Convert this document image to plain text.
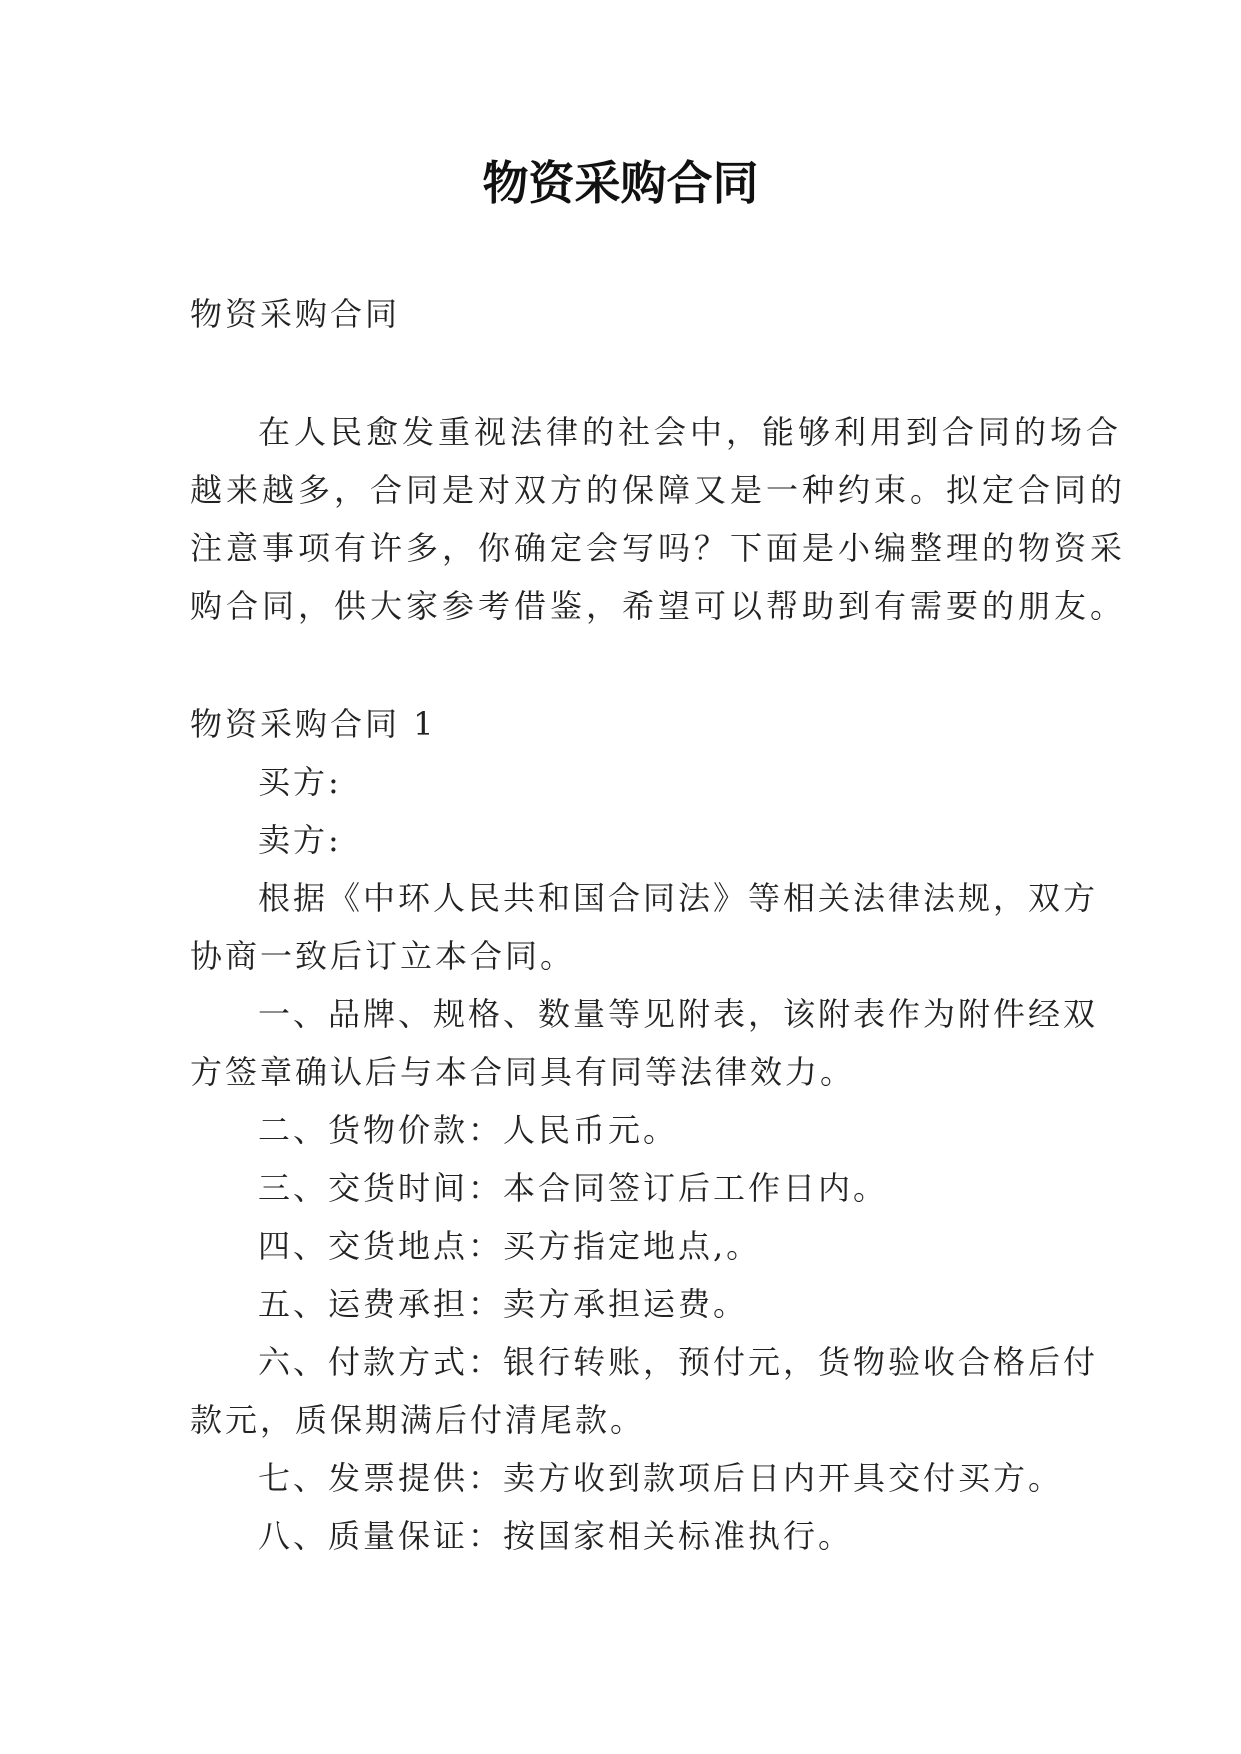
物资采购合同

物资采购合同

在人民愈发重视法律的社会中，能够利用到合同的场合

越来越多，合同是对双方的保障又是一种约束。拟定合同的

注意事项有许多，你确定会写吗？下面是小编整理的物资采

购合同，供大家参考借鉴，希望可以帮助到有需要的朋友。

物资采购合同 1

买方:

卖方:

根据《中环人民共和国合同法》等相关法律法规，双方

协商一致后订立本合同。

一、品牌、规格、数量等见附表，该附表作为附件经双

方签章确认后与本合同具有同等法律效力。

二、货物价款：人民币元。

三、交货时间：本合同签订后工作日内。

四、交货地点：买方指定地点,。

五、运费承担：卖方承担运费。

六、付款方式：银行转账，预付元，货物验收合格后付

款元，质保期满后付清尾款。

七、发票提供：卖方收到款项后日内开具交付买方。

八、质量保证：按国家相关标准执行。
